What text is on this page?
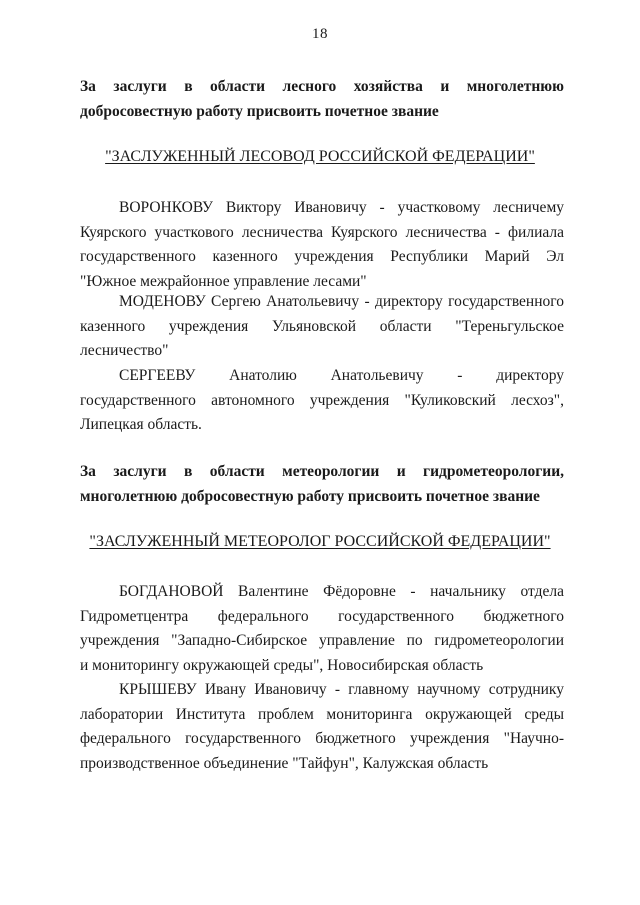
18
За заслуги в области лесного хозяйства и многолетнюю
добросовестную работу присвоить почетное звание
"ЗАСЛУЖЕННЫЙ ЛЕСОВОД РОССИЙСКОЙ ФЕДЕРАЦИИ"
ВОРОНКОВУ Виктору Ивановичу - участковому лесничему
Куярского участкового лесничества Куярского лесничества - филиала
государственного казенного учреждения Республики Марий Эл
"Южное межрайонное управление лесами"
МОДЕНОВУ Сергею Анатольевичу - директору государственного
казенного учреждения Ульяновской области "Тереньгульское
лесничество"
СЕРГЕЕВУ Анатолию Анатольевичу - директору
государственного автономного учреждения "Куликовский лесхоз",
Липецкая область.
За заслуги в области метеорологии и гидрометеорологии,
многолетнюю добросовестную работу присвоить почетное звание
"ЗАСЛУЖЕННЫЙ МЕТЕОРОЛОГ РОССИЙСКОЙ ФЕДЕРАЦИИ"
БОГДАНОВОЙ Валентине Фёдоровне - начальнику отдела
Гидрометцентра федерального государственного бюджетного
учреждения "Западно-Сибирское управление по гидрометеорологии
и мониторингу окружающей среды", Новосибирская область
КРЫШЕВУ Ивану Ивановичу - главному научному сотруднику
лаборатории Института проблем мониторинга окружающей среды
федерального государственного бюджетного учреждения "Научно-
производственное объединение "Тайфун", Калужская область
